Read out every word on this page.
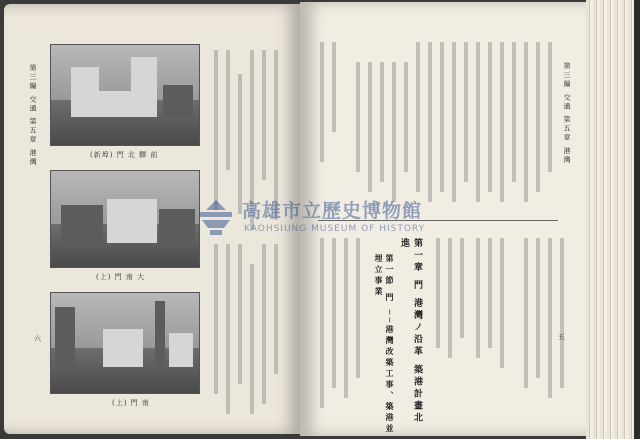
第三編 交通 第五章 港灣	(新埠) 門 北 驛 前
(上) 門 南 大
(上) 門 南
六
第三編 交通 第五章 港灣
第一章 門 港灣ノ沿革 築港計畫北進
第一節 門 ──港灣改築工事、築港並埋立事業
五
高雄市立歷史博物館
KAOHSIUNG MUSEUM OF HISTORY
